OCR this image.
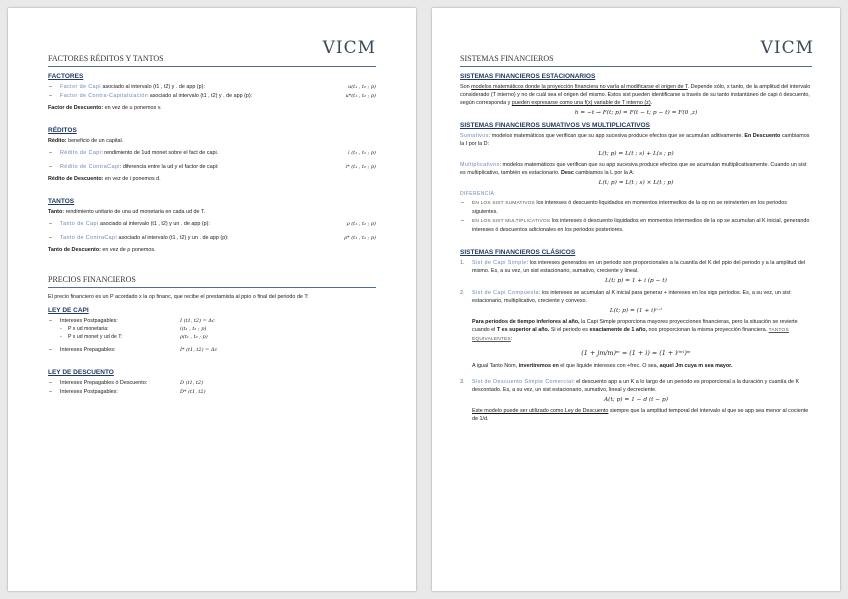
VICM
FACTORES RÉDITOS Y TANTOS
FACTORES
– Factor de Capi asociado al intervalo (t1 , t2) y . de app (p):	u(t₁ , t₂ ; p)
– Factor de Contra-Capitalización asociado al intervalo (t1 , t2) y . de app (p):	u*(t₁ , t₂ ; p)
Factor de Descuento: en vez de u ponemos v.
RÉDITOS
Rédito: beneficio de un capital.
– Rédito de Capi: rendimiento de 1ud monet sobre el fact de capi.	i (t₁ , t₂ ; p)
– Rédito de ContraCapi: diferencia entre la ud y el factor de capi:	i* (t₁ , t₂ ; p)
Rédito de Descuento: en vez de i ponemos d.
TANTOS
Tanto: rendimiento unitario de una ud monetaria en cada ud de T.
– Tanto de Capi asociado al intervalo (t1 , t2) y un . de app (p):	ρ (t₁ , t₂ ; p)
– Tanto de ContraCapi asociado al intervalo (t1 , t2) y un . de app (p):	ρ* (t₁ , t₂ ; p)
Tanto de Descuento: en vez de ρ ponemos.
PRECIOS FINANCIEROS
El precio financiero es un P acordado x la op financ, que recibe el prestamista al ppio o final del periodo de T:
LEY DE CAPI
– Intereses Postpagables:	I (t1, t2) = Δc
- P x ud monetaria:	i(t₁ , t₂ ; p)
- P x ud monet y ud de T:	ρ(t₁ , t₂ ; p)
– Intereses Prepagables:	I* (t1, t2) = Δc
LEY DE DESCUENTO
– Intereses Prepagables ó Descuento:	D (t1, t2)
– Intereses Postpagables:	D* (t1, t2)
VICM
SISTEMAS FINANCIEROS
SISTEMAS FINANCIEROS ESTACIONARIOS
Son modelos matemáticos donde la proyección financiera no varía al modificarse el origen de T. Depende sólo, x tanto, de la amplitud del intervalo considerado (T interno) y no de cuál sea el origen del mismo. Estos sist pueden identificarse a través de su tanto instantáneo de capi ó descuento, según corresponda y pueden expresarse como una f(x) variable de T interno (z).
h = −t → F(t; p) = F(t − t; p − t) = F(0 ,z)
SISTEMAS FINANCIEROS SUMATIVOS VS MULTIPLICATIVOS
Sumativos: modelos matemáticos que verifican que su app sucesiva produce efectos que se acumulan aditivamente. En Descuento cambiamos la I por la D:
L(t; p) = L(t ; s) + L(s ; p)
Multiplicativos: modelos matemáticos que verifican que su app sucesiva produce efectos que se acumulan multiplicativamente. Cuando un sist es multiplicativo, también es estacionario. Desc cambiamos la L por la A:
L(t; p) = L(t ; s) × L(t ; p)
DIFERENCIA:
– EN LOS SIST SUMATIVOS los intereses ó descuento liquidados en momentos intermedios de la op no se reinvierten en los periodos siguientes.
– EN LOS SIST MULTIPLICATIVOS los intereses ó descuento liquidados en momentos intermedios de la op se acumulan al K inicial, generando intereses ó descuentos adicionales en los periodos posteriores.
SISTEMAS FINANCIEROS CLÁSICOS
1. Sist de Capi Simple: los intereses generados en un periodo son proporcionales a la cuantía del K del ppio del periodo y a la amplitud del mismo. Es, a su vez, un sist estacionario, sumativo, creciente y lineal.
L(t; p) = 1 + i (p − t)
2. Sist de Capi Compuesta: los intereses se acumulan al K inicial para generar + intereses en los sigs periodos. Es, a su vez, un sist estacionario, multiplicativo, creciente y convexo.
L(t; p) = (1 + i)ᵖ⁻ᵗ
Para periodos de tiempo inferiores al año, la Capi Simple proporciona mayores proyecciones financieras, pero la situación se revierte cuando el T es superior al año. Si el periodo es exactamente de 1 año, nos proporcionan la misma proyección financiera. TANTOS EQUIVALENTES:
(1 + jm/m)ᵐ = (1 + i) = (1 + i⁽ᵐ⁾)ᵐ
A igual Tanto Nom, invertiremos en el que liquide intereses con +frec. O sea, aquel Jm cuya m sea mayor.
3. Sist de Descuento Simple Comercial: el descuento app a un K a lo largo de un periodo es proporcional a la duración y cuantía de K descontado. Es, a su vez, un sist estacionario, sumativo, lineal y decreciente.
A(t; p) = 1 − d (t − p)
Este modelo puede ser utilizado como Ley de Descuento siempre que la amplitud temporal del intervalo al que se app sea menor al cociente de 1/d.
